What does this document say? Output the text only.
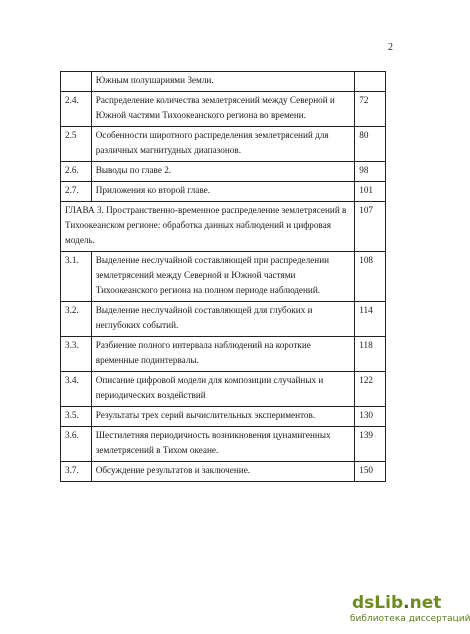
2
	Южным полушариями Земли.	
2.4.	Распределение количества землетрясений между Северной и Южной частями Тихоокеанского региона во времени.	72
2.5	Особенности широтного распределения землетрясений для различных магнитудных диапазонов.	80
2.6.	Выводы по главе 2.	98
2.7.	Приложения ко второй главе.	101
ГЛАВА 3. Пространственно-временное распределение землетрясений в Тихоокеанском регионе: обработка данных наблюдений и цифровая модель.		107
3.1.	Выделение неслучайной составляющей при распределении землетрясений между Северной и Южной частями Тихоокеанского региона на полном периоде наблюдений.	108
3.2.	Выделение неслучайной составляющей для глубоких и неглубоких событий.	114
3.3.	Разбиение полного интервала наблюдений на короткие временные подинтервалы.	118
3.4.	Описание цифровой модели для композиции случайных и периодических воздействий	122
3.5.	Результаты трех серий вычислительных экспериментов.	130
3.6.	Шестилетняя периодичность возникновения цунамигенных землетрясений в Тихом океане.	139
3.7.	Обсуждение результатов и заключение.	150
dsLib.net
библиотека диссертаций
